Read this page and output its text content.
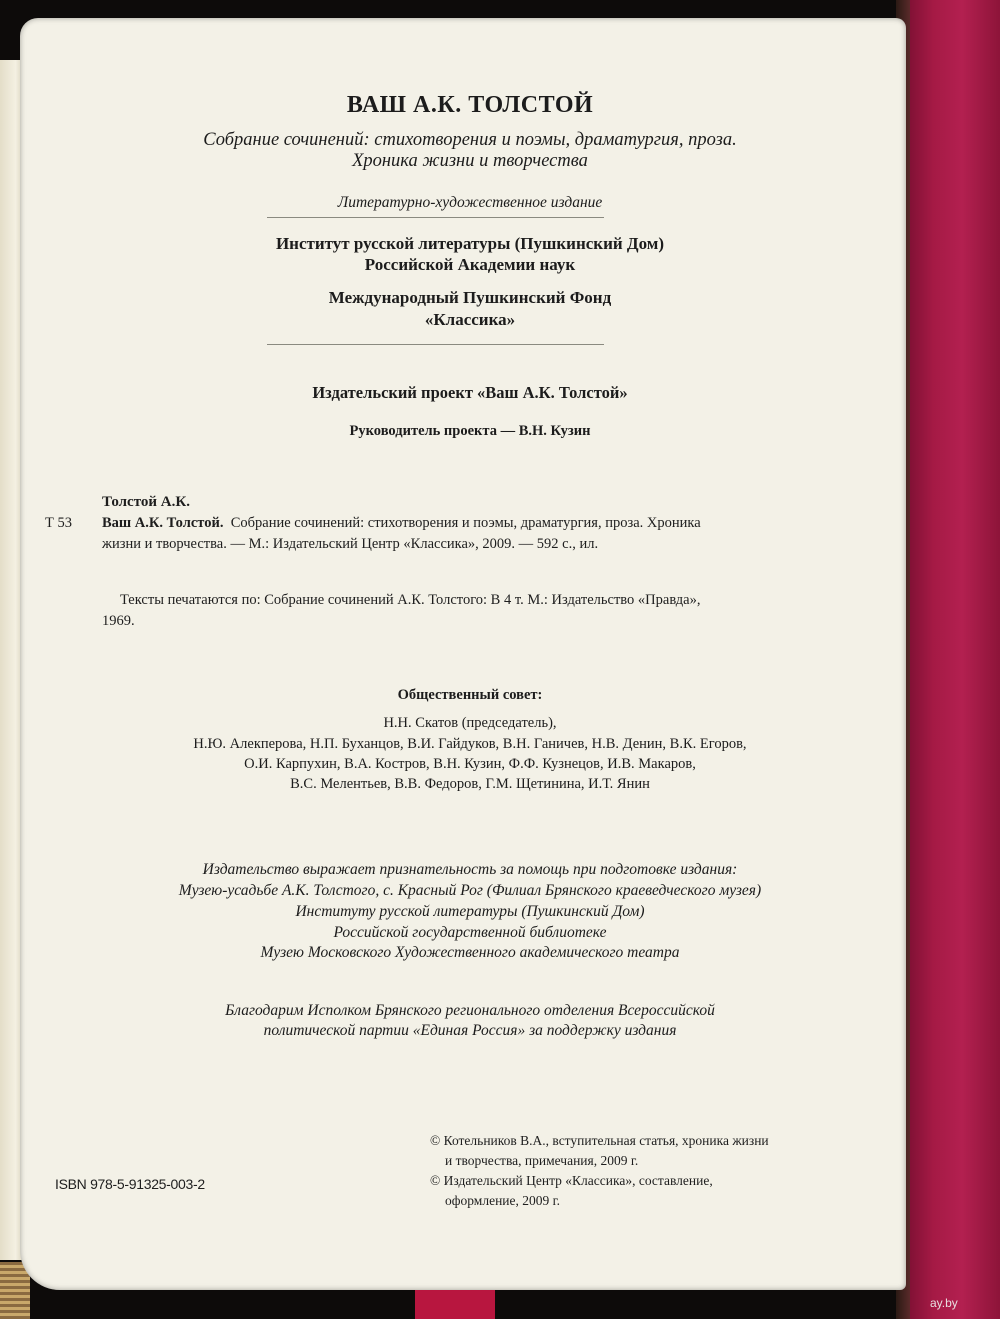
ВАШ А.К. ТОЛСТОЙ
Собрание сочинений: стихотворения и поэмы, драматургия, проза.
Хроника жизни и творчества
Литературно-художественное издание
Институт русской литературы (Пушкинский Дом)
Российской Академии наук
Международный Пушкинский Фонд
«Классика»
Издательский проект «Ваш А.К. Толстой»
Руководитель проекта — В.Н. Кузин
Толстой А.К.
Т 53 Ваш А.К. Толстой. Собрание сочинений: стихотворения и поэмы, драматургия, проза. Хроника
жизни и творчества. — М.: Издательский Центр «Классика», 2009. — 592 с., ил.
Тексты печатаются по: Собрание сочинений А.К. Толстого: В 4 т. М.: Издательство «Правда»,
1969.
Общественный совет:
Н.Н. Скатов (председатель),
Н.Ю. Алекперова, Н.П. Буханцов, В.И. Гайдуков, В.Н. Ганичев, Н.В. Денин, В.К. Егоров,
О.И. Карпухин, В.А. Костров, В.Н. Кузин, Ф.Ф. Кузнецов, И.В. Макаров,
В.С. Мелентьев, В.В. Федоров, Г.М. Щетинина, И.Т. Янин
Издательство выражает признательность за помощь при подготовке издания:
Музею-усадьбе А.К. Толстого, с. Красный Рог (Филиал Брянского краеведческого музея)
Институту русской литературы (Пушкинский Дом)
Российской государственной библиотеке
Музею Московского Художественного академического театра
Благодарим Исполком Брянского регионального отделения Всероссийской
политической партии «Единая Россия» за поддержку издания
© Котельников В.А., вступительная статья, хроника жизни
и творчества, примечания, 2009 г.
© Издательский Центр «Классика», составление,
оформление, 2009 г.
ISBN 978-5-91325-003-2
ay.by
